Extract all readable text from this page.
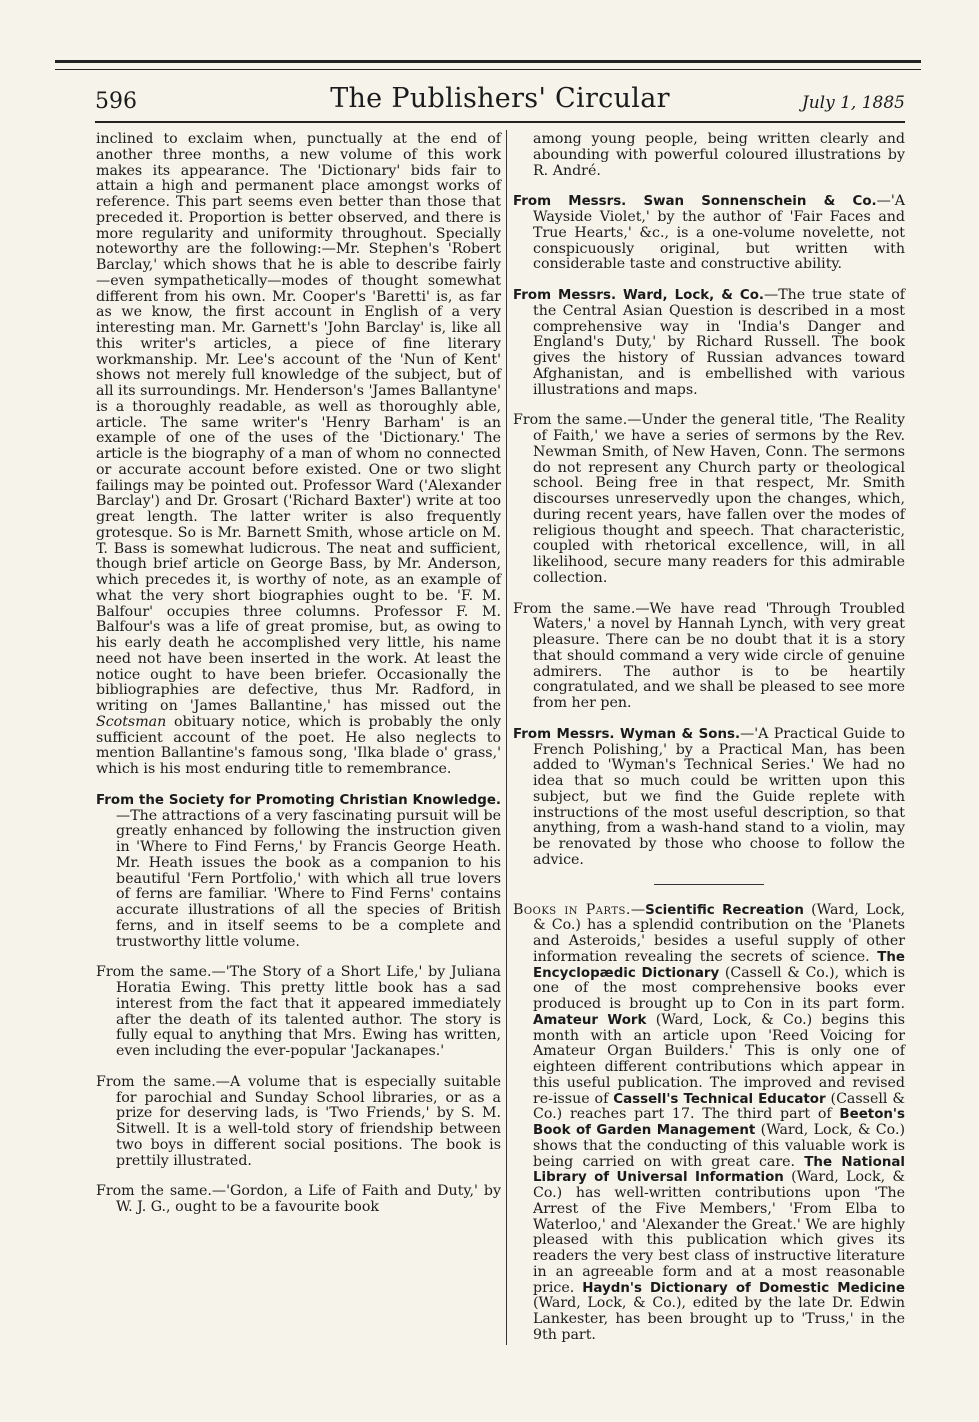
596	The Publishers' Circular	July 1, 1885

inclined to exclaim when, punctually at the end of another three months, a new volume of this work makes its appearance. The 'Dictionary' bids fair to attain a high and permanent place amongst works of reference. This part seems even better than those that preceded it. Proportion is better observed, and there is more regularity and uniformity throughout. Specially noteworthy are the following:—Mr. Stephen's 'Robert Barclay,' which shows that he is able to describe fairly—even sympathetically—modes of thought somewhat different from his own. Mr. Cooper's 'Baretti' is, as far as we know, the first account in English of a very interesting man. Mr. Garnett's 'John Barclay' is, like all this writer's articles, a piece of fine literary workmanship. Mr. Lee's account of the 'Nun of Kent' shows not merely full knowledge of the subject, but of all its surroundings. Mr. Henderson's 'James Ballantyne' is a thoroughly readable, as well as thoroughly able, article. The same writer's 'Henry Barham' is an example of one of the uses of the 'Dictionary.' The article is the biography of a man of whom no connected or accurate account before existed. One or two slight failings may be pointed out. Professor Ward ('Alexander Barclay') and Dr. Grosart ('Richard Baxter') write at too great length. The latter writer is also frequently grotesque. So is Mr. Barnett Smith, whose article on M. T. Bass is somewhat ludicrous. The neat and sufficient, though brief article on George Bass, by Mr. Anderson, which precedes it, is worthy of note, as an example of what the very short biographies ought to be. 'F. M. Balfour' occupies three columns. Professor F. M. Balfour's was a life of great promise, but, as owing to his early death he accomplished very little, his name need not have been inserted in the work. At least the notice ought to have been briefer. Occasionally the bibliographies are defective, thus Mr. Radford, in writing on 'James Ballantine,' has missed out the Scotsman obituary notice, which is probably the only sufficient account of the poet. He also neglects to mention Ballantine's famous song, 'Ilka blade o' grass,' which is his most enduring title to remembrance.

From the Society for Promoting Christian Knowledge.—The attractions of a very fascinating pursuit will be greatly enhanced by following the instruction given in 'Where to Find Ferns,' by Francis George Heath. Mr. Heath issues the book as a companion to his beautiful 'Fern Portfolio,' with which all true lovers of ferns are familiar. 'Where to Find Ferns' contains accurate illustrations of all the species of British ferns, and in itself seems to be a complete and trustworthy little volume.

From the same.—'The Story of a Short Life,' by Juliana Horatia Ewing. This pretty little book has a sad interest from the fact that it appeared immediately after the death of its talented author. The story is fully equal to anything that Mrs. Ewing has written, even including the ever-popular 'Jackanapes.'

From the same.—A volume that is especially suitable for parochial and Sunday School libraries, or as a prize for deserving lads, is 'Two Friends,' by S. M. Sitwell. It is a well-told story of friendship between two boys in different social positions. The book is prettily illustrated.

From the same.—'Gordon, a Life of Faith and Duty,' by W. J. G., ought to be a favourite book

among young people, being written clearly and abounding with powerful coloured illustrations by R. André.

From Messrs. Swan Sonnenschein & Co.—'A Wayside Violet,' by the author of 'Fair Faces and True Hearts,' &c., is a one-volume novelette, not conspicuously original, but written with considerable taste and constructive ability.

From Messrs. Ward, Lock, & Co.—The true state of the Central Asian Question is described in a most comprehensive way in 'India's Danger and England's Duty,' by Richard Russell. The book gives the history of Russian advances toward Afghanistan, and is embellished with various illustrations and maps.

From the same.—Under the general title, 'The Reality of Faith,' we have a series of sermons by the Rev. Newman Smith, of New Haven, Conn. The sermons do not represent any Church party or theological school. Being free in that respect, Mr. Smith discourses unreservedly upon the changes, which, during recent years, have fallen over the modes of religious thought and speech. That characteristic, coupled with rhetorical excellence, will, in all likelihood, secure many readers for this admirable collection.

From the same.—We have read 'Through Troubled Waters,' a novel by Hannah Lynch, with very great pleasure. There can be no doubt that it is a story that should command a very wide circle of genuine admirers. The author is to be heartily congratulated, and we shall be pleased to see more from her pen.

From Messrs. Wyman & Sons.—'A Practical Guide to French Polishing,' by a Practical Man, has been added to 'Wyman's Technical Series.' We had no idea that so much could be written upon this subject, but we find the Guide replete with instructions of the most useful description, so that anything, from a wash-hand stand to a violin, may be renovated by those who choose to follow the advice.

Books in Parts.—Scientific Recreation (Ward, Lock, & Co.) has a splendid contribution on the 'Planets and Asteroids,' besides a useful supply of other information revealing the secrets of science. The Encyclopædic Dictionary (Cassell & Co.), which is one of the most comprehensive books ever produced is brought up to Con in its part form. Amateur Work (Ward, Lock, & Co.) begins this month with an article upon 'Reed Voicing for Amateur Organ Builders.' This is only one of eighteen different contributions which appear in this useful publication. The improved and revised re-issue of Cassell's Technical Educator (Cassell & Co.) reaches part 17. The third part of Beeton's Book of Garden Management (Ward, Lock, & Co.) shows that the conducting of this valuable work is being carried on with great care. The National Library of Universal Information (Ward, Lock, & Co.) has well-written contributions upon 'The Arrest of the Five Members,' 'From Elba to Waterloo,' and 'Alexander the Great.' We are highly pleased with this publication which gives its readers the very best class of instructive literature in an agreeable form and at a most reasonable price. Haydn's Dictionary of Domestic Medicine (Ward, Lock, & Co.), edited by the late Dr. Edwin Lankester, has been brought up to 'Truss,' in the 9th part.
